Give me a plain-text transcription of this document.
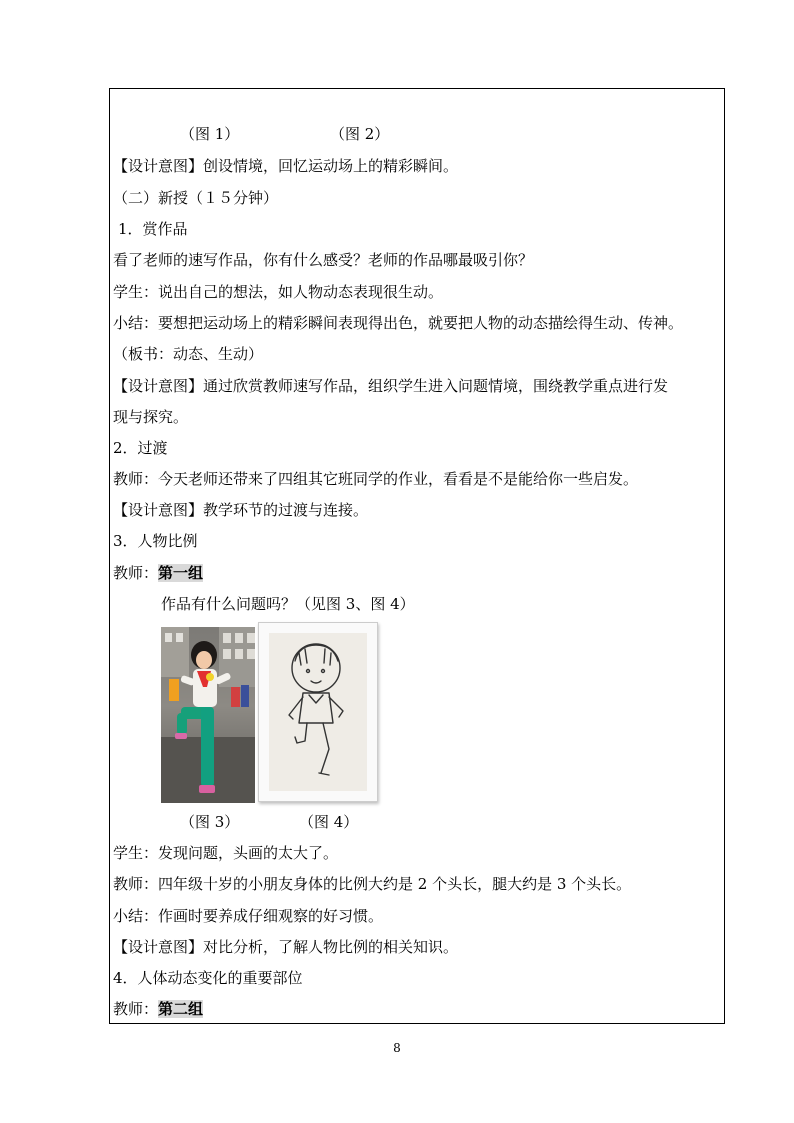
（图 1）	（图 2）
【设计意图】创设情境，回忆运动场上的精彩瞬间。
（二）新授（１５分钟）
1．赏作品
看了老师的速写作品，你有什么感受？老师的作品哪最吸引你？
学生：说出自己的想法，如人物动态表现很生动。
小结：要想把运动场上的精彩瞬间表现得出色，就要把人物的动态描绘得生动、传神。
（板书：动态、生动）
【设计意图】通过欣赏教师速写作品，组织学生进入问题情境，围绕教学重点进行发
现与探究。
2．过渡
教师：今天老师还带来了四组其它班同学的作业，看看是不是能给你一些启发。
【设计意图】教学环节的过渡与连接。
3．人物比例
教师：第一组
作品有什么问题吗？（见图 3、图 4）
（图 3）	（图 4）
学生：发现问题，头画的太大了。
教师：四年级十岁的小朋友身体的比例大约是 2 个头长，腿大约是 3 个头长。
小结：作画时要养成仔细观察的好习惯。
【设计意图】对比分析，了解人物比例的相关知识。
4．人体动态变化的重要部位
教师：第二组
8
